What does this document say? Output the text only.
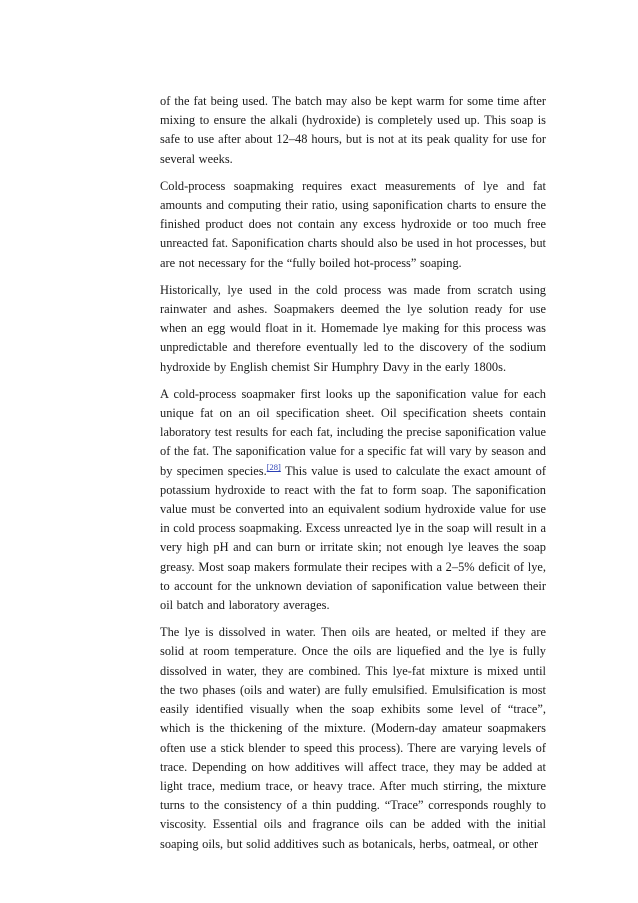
of the fat being used. The batch may also be kept warm for some time after mixing to ensure the alkali (hydroxide) is completely used up. This soap is safe to use after about 12–48 hours, but is not at its peak quality for use for several weeks.

Cold-process soapmaking requires exact measurements of lye and fat amounts and computing their ratio, using saponification charts to ensure the finished product does not contain any excess hydroxide or too much free unreacted fat. Saponification charts should also be used in hot processes, but are not necessary for the “fully boiled hot-process” soaping.

Historically, lye used in the cold process was made from scratch using rainwater and ashes. Soapmakers deemed the lye solution ready for use when an egg would float in it. Homemade lye making for this process was unpredictable and therefore eventually led to the discovery of the sodium hydroxide by English chemist Sir Humphry Davy in the early 1800s.

A cold-process soapmaker first looks up the saponification value for each unique fat on an oil specification sheet. Oil specification sheets contain laboratory test results for each fat, including the precise saponification value of the fat. The saponification value for a specific fat will vary by season and by specimen species.[28] This value is used to calculate the exact amount of potassium hydroxide to react with the fat to form soap. The saponification value must be converted into an equivalent sodium hydroxide value for use in cold process soapmaking. Excess unreacted lye in the soap will result in a very high pH and can burn or irritate skin; not enough lye leaves the soap greasy. Most soap makers formulate their recipes with a 2–5% deficit of lye, to account for the unknown deviation of saponification value between their oil batch and laboratory averages.

The lye is dissolved in water. Then oils are heated, or melted if they are solid at room temperature. Once the oils are liquefied and the lye is fully dissolved in water, they are combined. This lye-fat mixture is mixed until the two phases (oils and water) are fully emulsified. Emulsification is most easily identified visually when the soap exhibits some level of “trace”, which is the thickening of the mixture. (Modern-day amateur soapmakers often use a stick blender to speed this process). There are varying levels of trace. Depending on how additives will affect trace, they may be added at light trace, medium trace, or heavy trace. After much stirring, the mixture turns to the consistency of a thin pudding. “Trace” corresponds roughly to viscosity. Essential oils and fragrance oils can be added with the initial soaping oils, but solid additives such as botanicals, herbs, oatmeal, or other
